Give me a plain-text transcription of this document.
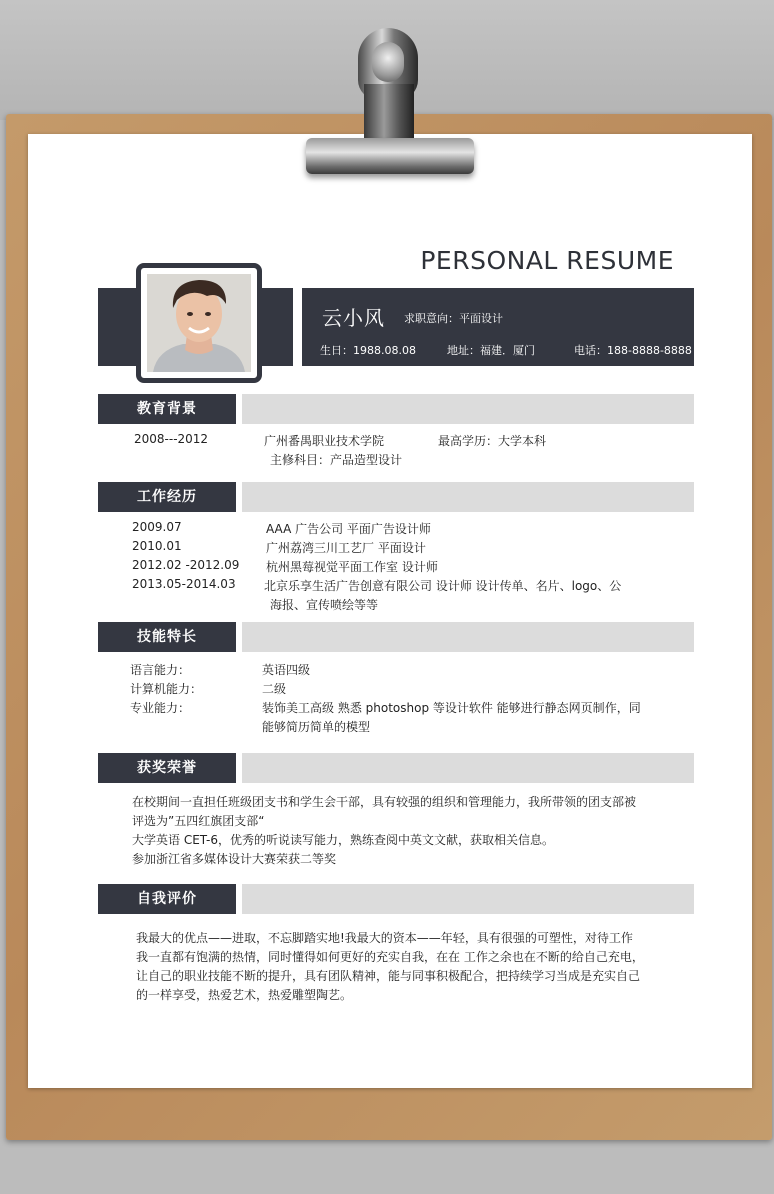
PERSONAL RESUME
云小风 求职意向：平面设计
生日：1988.08.08	地址：福建．厦门	电话：188-8888-8888
教育背景
2008---2012	广州番禺职业技术学院	最高学历：大学本科
主修科目：产品造型设计
工作经历
2009.07	AAA 广告公司 平面广告设计师
2010.01	广州荔湾三川工艺厂 平面设计
2012.02 -2012.09 杭州黑莓视觉平面工作室 设计师
2013.05-2014.03 北京乐享生活广告创意有限公司 设计师 设计传单、名片、logo、公
海报、宣传喷绘等等
技能特长
语言能力：	英语四级
计算机能力：	二级
专业能力：	装饰美工高级 熟悉 photoshop 等设计软件 能够进行静态网页制作，同
能够简历简单的模型
获奖荣誉
在校期间一直担任班级团支书和学生会干部，具有较强的组织和管理能力，我所带领的团支部被
评选为”五四红旗团支部“
大学英语 CET-6，优秀的听说读写能力，熟练查阅中英文文献，获取相关信息。
参加浙江省多媒体设计大赛荣获二等奖
自我评价
我最大的优点——进取，不忘脚踏实地!我最大的资本——年轻，具有很强的可塑性，对待工作
我一直都有饱满的热情，同时懂得如何更好的充实自我，在在 工作之余也在不断的给自己充电，
让自己的职业技能不断的提升，具有团队精神，能与同事积极配合，把持续学习当成是充实自己
的一样享受，热爱艺术，热爱雕塑陶艺。
